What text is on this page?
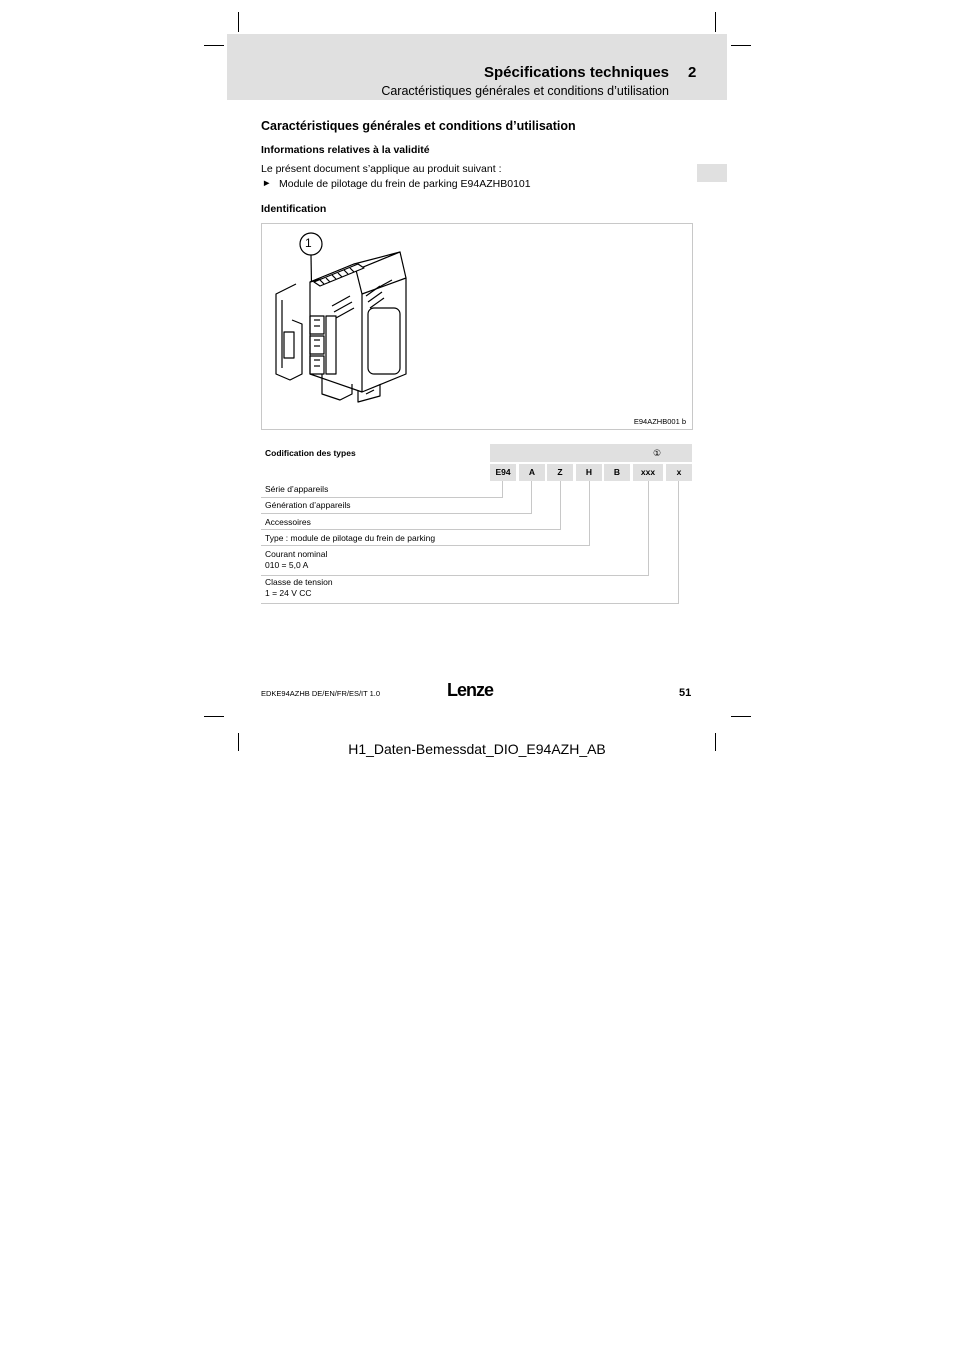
Spécifications techniques 2
Caractéristiques générales et conditions d’utilisation
Caractéristiques générales et conditions d’utilisation
Informations relatives à la validité
Le présent document s’applique au produit suivant :
► Module de pilotage du frein de parking E94AZHB0101
Identification
1
E94AZHB001 b
Codification des types	①
E94	A	Z	H	B	xxx	x
Série d’appareils
Génération d’appareils
Accessoires
Type : module de pilotage du frein de parking
Courant nominal
010 = 5,0 A
Classe de tension
1 = 24 V CC
EDKE94AZHB DE/EN/FR/ES/IT 1.0	Lenze	51
H1_Daten-Bemessdat_DIO_E94AZH_AB
